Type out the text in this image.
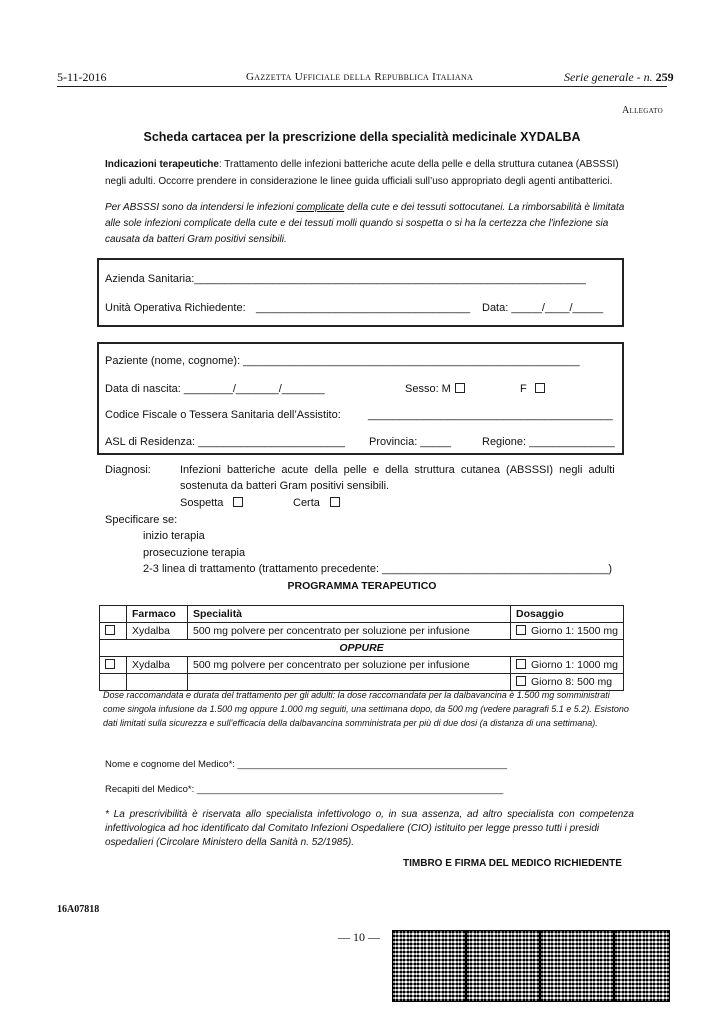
5-11-2016	Gazzetta Ufficiale della Repubblica Italiana	Serie generale - n. 259
Allegato
Scheda cartacea per la prescrizione della specialità medicinale XYDALBA
Indicazioni terapeutiche: Trattamento delle infezioni batteriche acute della pelle e della struttura cutanea (ABSSSI)
negli adulti. Occorre prendere in considerazione le linee guida ufficiali sull’uso appropriato degli agenti antibatterici.
Per ABSSSI sono da intendersi le infezioni complicate della cute e dei tessuti sottocutanei. La rimborsabilità è limitata
alle sole infezioni complicate della cute e dei tessuti molli quando si sospetta o si ha la certezza che l'infezione sia
causata da batteri Gram positivi sensibili.
Azienda Sanitaria:________________________________________________________________
Unità Operativa Richiedente: ___________________________________ Data: _____/____/_____
Paziente (nome, cognome): _______________________________________________________
Data di nascita: ________/_______/_______	Sesso: M	F
Codice Fiscale o Tessera Sanitaria dell’Assistito: ________________________________________
ASL di Residenza: ________________________ Provincia: _____	Regione: ______________
Diagnosi:	Infezioni batteriche acute della pelle e della struttura cutanea (ABSSSI) negli adulti
sostenuta da batteri Gram positivi sensibili.
Sospetta	Certa
Specificare se:
inizio terapia
prosecuzione terapia
2-3 linea di trattamento (trattamento precedente: _____________________________________)
PROGRAMMA TERAPEUTICO
	Farmaco	Specialità	Dosaggio
	Xydalba	500 mg polvere per concentrato per soluzione per infusione	Giorno 1: 1500 mg
OPPURE			
	Xydalba	500 mg polvere per concentrato per soluzione per infusione	Giorno 1: 1000 mg
			Giorno 8: 500 mg
Dose raccomandata e durata del trattamento per gli adulti: la dose raccomandata per la dalbavancina è 1.500 mg somministrati
come singola infusione da 1.500 mg oppure 1.000 mg seguiti, una settimana dopo, da 500 mg (vedere paragrafi 5.1 e 5.2). Esistono
dati limitati sulla sicurezza e sull’efficacia della dalbavancina somministrata per più di due dosi (a distanza di una settimana).
Nome e cognome del Medico*: ___________________________________________________
Recapiti del Medico*: __________________________________________________________
* La prescrivibilità è riservata allo specialista infettivologo o, in sua assenza, ad altro specialista con competenza
infettivologica ad hoc identificato dal Comitato Infezioni Ospedaliere (CIO) istituito per legge presso tutti i presidi
ospedalieri (Circolare Ministero della Sanità n. 52/1985).
TIMBRO E FIRMA DEL MEDICO RICHIEDENTE
16A07818
— 10 —
